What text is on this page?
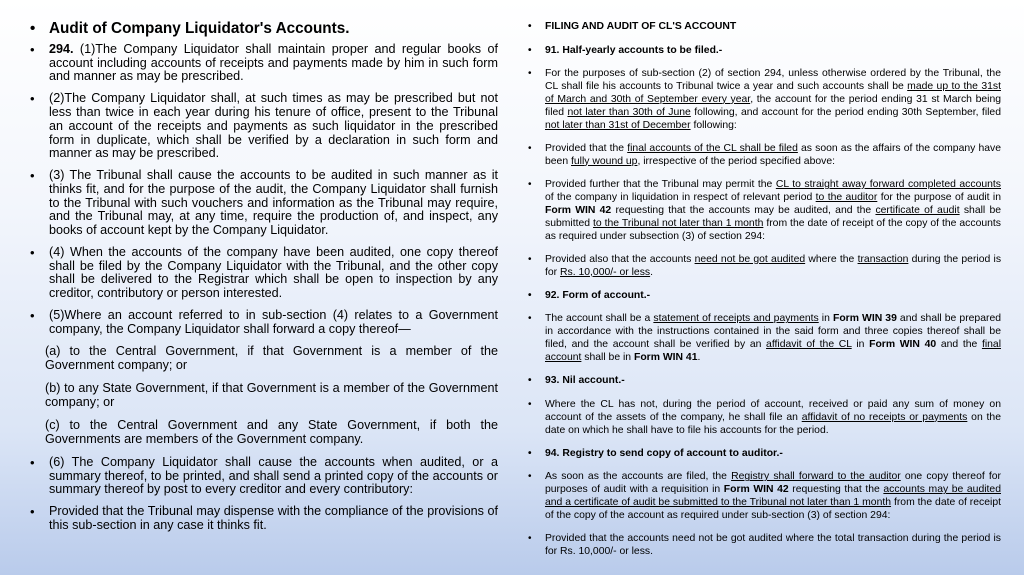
• Audit of Company Liquidator's Accounts.
• 294. (1)The Company Liquidator shall maintain proper and regular books of account including accounts of receipts and payments made by him in such form and manner as may be prescribed.
• (2)The Company Liquidator shall, at such times as may be prescribed but not less than twice in each year during his tenure of office, present to the Tribunal an account of the receipts and payments as such liquidator in the prescribed form in duplicate, which shall be verified by a declaration in such form and manner as may be prescribed.
• (3) The Tribunal shall cause the accounts to be audited in such manner as it thinks fit, and for the purpose of the audit, the Company Liquidator shall furnish to the Tribunal with such vouchers and information as the Tribunal may require, and the Tribunal may, at any time, require the production of, and inspect, any books of account kept by the Company Liquidator.
• (4) When the accounts of the company have been audited, one copy thereof shall be filed by the Company Liquidator with the Tribunal, and the other copy shall be delivered to the Registrar which shall be open to inspection by any creditor, contributory or person interested.
• (5)Where an account referred to in sub-section (4) relates to a Government company, the Company Liquidator shall forward a copy thereof—
(a) to the Central Government, if that Government is a member of the Government company; or
(b) to any State Government, if that Government is a member of the Government company; or
(c) to the Central Government and any State Government, if both the Governments are members of the Government company.
• (6) The Company Liquidator shall cause the accounts when audited, or a summary thereof, to be printed, and shall send a printed copy of the accounts or summary thereof by post to every creditor and every contributory:
• Provided that the Tribunal may dispense with the compliance of the provisions of this sub-section in any case it thinks fit.
• FILING AND AUDIT OF CL'S ACCOUNT
• 91. Half-yearly accounts to be filed.-
• For the purposes of sub-section (2) of section 294, unless otherwise ordered by the Tribunal, the CL shall file his accounts to Tribunal twice a year and such accounts shall be made up to the 31st of March and 30th of September every year, the account for the period ending 31 st March being filed not later than 30th of June following, and account for the period ending 30th September, filed not later than 31st of December following:
• Provided that the final accounts of the CL shall be filed as soon as the affairs of the company have been fully wound up, irrespective of the period specified above:
• Provided further that the Tribunal may permit the CL to straight away forward completed accounts of the company in liquidation in respect of relevant period to the auditor for the purpose of audit in Form WIN 42 requesting that the accounts may be audited, and the certificate of audit shall be submitted to the Tribunal not later than 1 month from the date of receipt of the copy of the accounts as required under subsection (3) of section 294:
• Provided also that the accounts need not be got audited where the transaction during the period is for Rs. 10,000/- or less.
• 92. Form of account.-
• The account shall be a statement of receipts and payments in Form WIN 39 and shall be prepared in accordance with the instructions contained in the said form and three copies thereof shall be filed, and the account shall be verified by an affidavit of the CL in Form WIN 40 and the final account shall be in Form WIN 41.
• 93. Nil account.-
• Where the CL has not, during the period of account, received or paid any sum of money on account of the assets of the company, he shall file an affidavit of no receipts or payments on the date on which he shall have to file his accounts for the period.
• 94. Registry to send copy of account to auditor.-
• As soon as the accounts are filed, the Registry shall forward to the auditor one copy thereof for purposes of audit with a requisition in Form WIN 42 requesting that the accounts may be audited and a certificate of audit be submitted to the Tribunal not later than 1 month from the date of receipt of the copy of the account as required under sub-section (3) of section 294:
• Provided that the accounts need not be got audited where the total transaction during the period is for Rs. 10,000/- or less.
